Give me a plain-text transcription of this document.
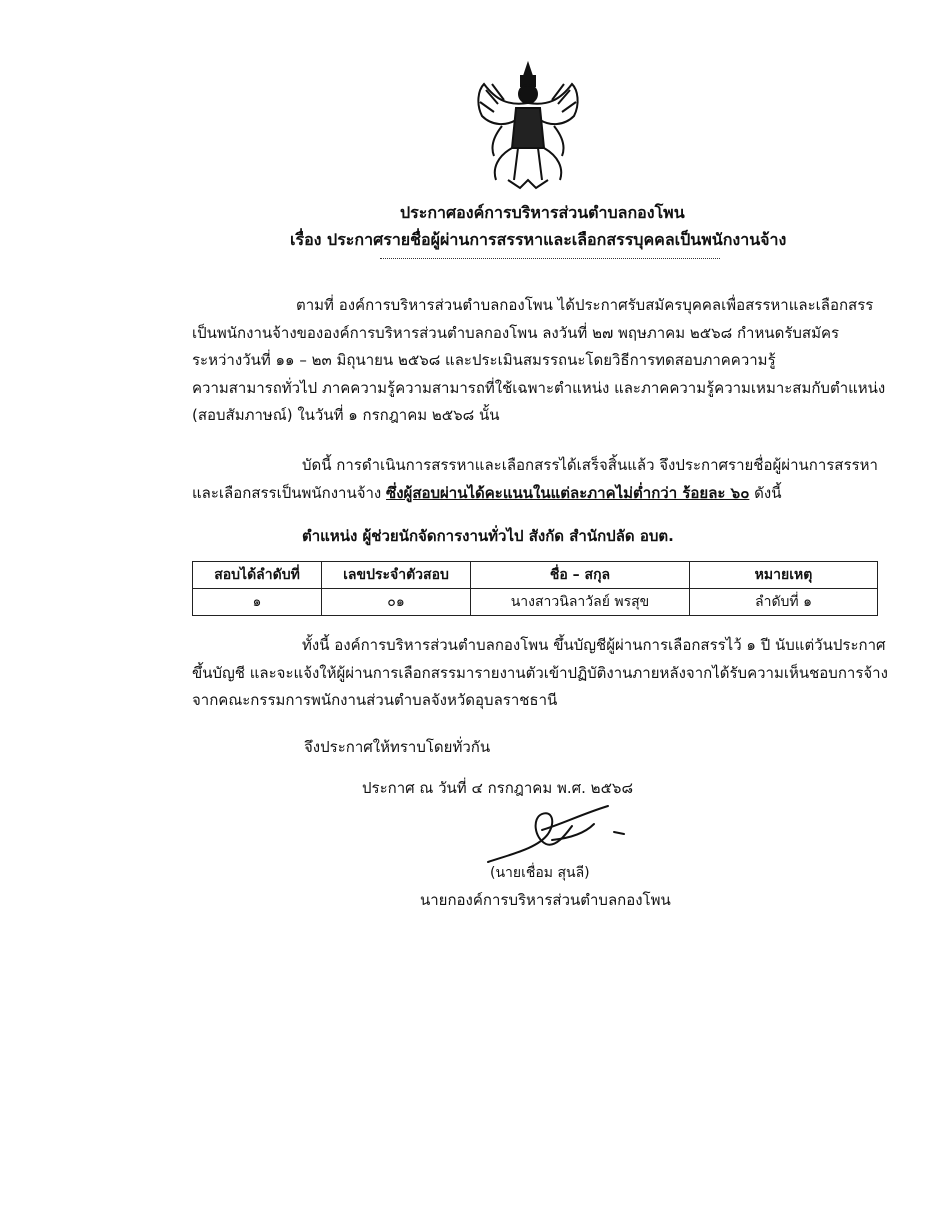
ประกาศองค์การบริหารส่วนตำบลกองโพน
เรื่อง ประกาศรายชื่อผู้ผ่านการสรรหาและเลือกสรรบุคคลเป็นพนักงานจ้าง
ตามที่ องค์การบริหารส่วนตำบลกองโพน ได้ประกาศรับสมัครบุคคลเพื่อสรรหาและเลือกสรร
เป็นพนักงานจ้างขององค์การบริหารส่วนตำบลกองโพน ลงวันที่ ๒๗ พฤษภาคม ๒๕๖๘ กำหนดรับสมัคร
ระหว่างวันที่ ๑๑ – ๒๓ มิถุนายน ๒๕๖๘ และประเมินสมรรถนะโดยวิธีการทดสอบภาคความรู้
ความสามารถทั่วไป ภาคความรู้ความสามารถที่ใช้เฉพาะตำแหน่ง และภาคความรู้ความเหมาะสมกับตำแหน่ง
(สอบสัมภาษณ์) ในวันที่ ๑ กรกฎาคม ๒๕๖๘ นั้น
บัดนี้ การดำเนินการสรรหาและเลือกสรรได้เสร็จสิ้นแล้ว จึงประกาศรายชื่อผู้ผ่านการสรรหา
และเลือกสรรเป็นพนักงานจ้าง ซึ่งผู้สอบผ่านได้คะแนนในแต่ละภาคไม่ต่ำกว่า ร้อยละ ๖๐ ดังนี้
ตำแหน่ง ผู้ช่วยนักจัดการงานทั่วไป สังกัด สำนักปลัด อบต.
สอบได้ลำดับที่	เลขประจำตัวสอบ	ชื่อ – สกุล	หมายเหตุ
๑	๐๑	นางสาวนิลาวัลย์ พรสุข	ลำดับที่ ๑
ทั้งนี้ องค์การบริหารส่วนตำบลกองโพน ขึ้นบัญชีผู้ผ่านการเลือกสรรไว้ ๑ ปี นับแต่วันประกาศ
ขึ้นบัญชี และจะแจ้งให้ผู้ผ่านการเลือกสรรมารายงานตัวเข้าปฏิบัติงานภายหลังจากได้รับความเห็นชอบการจ้าง
จากคณะกรรมการพนักงานส่วนตำบลจังหวัดอุบลราชธานี
จึงประกาศให้ทราบโดยทั่วกัน
ประกาศ ณ วันที่ ๔ กรกฎาคม พ.ศ. ๒๕๖๘
(นายเชื่อม สุนลี)
นายกองค์การบริหารส่วนตำบลกองโพน
